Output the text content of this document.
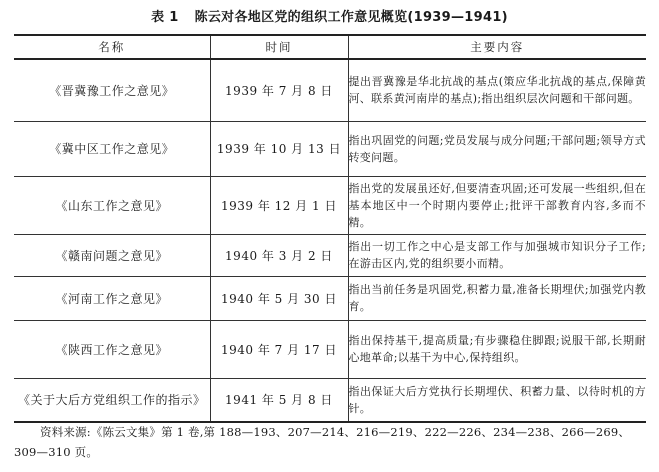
表 1 陈云对各地区党的组织工作意见概览(1939—1941)
名称	时间	主要内容
《晋冀豫工作之意见》	1939 年 7 月 8 日	提出晋冀豫是华北抗战的基点(策应华北抗战的基点,保障黄河、联系黄河南岸的基点);指出组织层次问题和干部问题。
《冀中区工作之意见》	1939 年 10 月 13 日	指出巩固党的问题;党员发展与成分问题;干部问题;领导方式转变问题。
《山东工作之意见》	1939 年 12 月 1 日	指出党的发展虽还好,但要清查巩固;还可发展一些组织,但在基本地区中一个时期内要停止;批评干部教育内容,多而不精。
《赣南问题之意见》	1940 年 3 月 2 日	指出一切工作之中心是支部工作与加强城市知识分子工作;在游击区内,党的组织要小而精。
《河南工作之意见》	1940 年 5 月 30 日	指出当前任务是巩固党,积蓄力量,准备长期埋伏;加强党内教育。
《陕西工作之意见》	1940 年 7 月 17 日	指出保持基干,提高质量;有步骤稳住脚跟;说服干部,长期耐心地革命;以基干为中心,保持组织。
《关于大后方党组织工作的指示》	1941 年 5 月 8 日	指出保证大后方党执行长期埋伏、积蓄力量、以待时机的方针。
资料来源:《陈云文集》第 1 卷,第 188—193、207—214、216—219、222—226、234—238、266—269、309—310 页。
